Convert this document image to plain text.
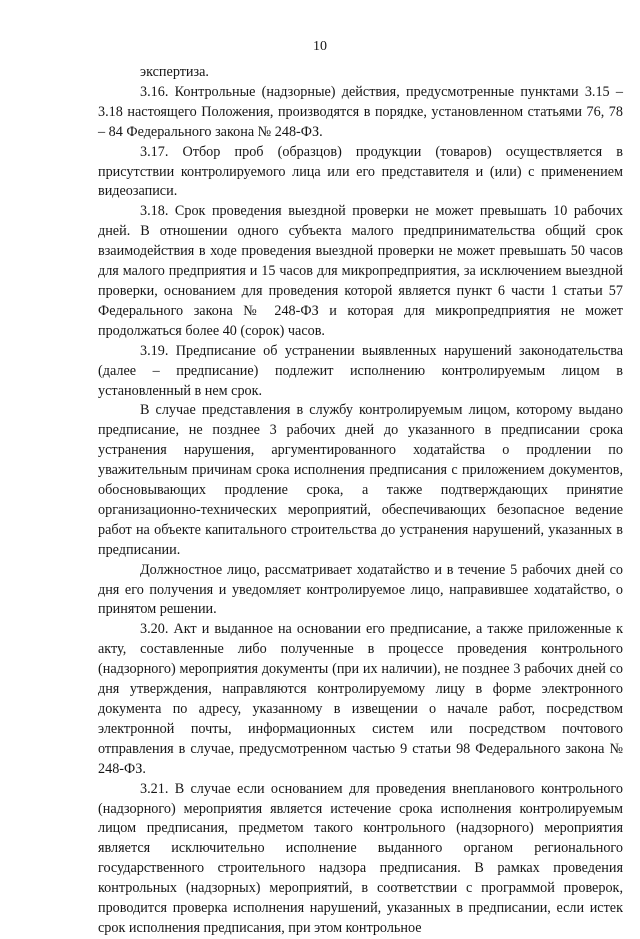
10

экспертиза.

3.16. Контрольные (надзорные) действия, предусмотренные пунктами 3.15 – 3.18 настоящего Положения, производятся в порядке, установленном статьями 76, 78 – 84 Федерального закона № 248-ФЗ.

3.17. Отбор проб (образцов) продукции (товаров) осуществляется в присутствии контролируемого лица или его представителя и (или) с применением видеозаписи.

3.18. Срок проведения выездной проверки не может превышать 10 рабочих дней. В отношении одного субъекта малого предпринимательства общий срок взаимодействия в ходе проведения выездной проверки не может превышать 50 часов для малого предприятия и 15 часов для микропредприятия, за исключением выездной проверки, основанием для проведения которой является пункт 6 части 1 статьи 57 Федерального закона № 248-ФЗ и которая для микропредприятия не может продолжаться более 40 (сорок) часов.

3.19. Предписание об устранении выявленных нарушений законодательства (далее – предписание) подлежит исполнению контролируемым лицом в установленный в нем срок.

В случае представления в службу контролируемым лицом, которому выдано предписание, не позднее 3 рабочих дней до указанного в предписании срока устранения нарушения, аргументированного ходатайства о продлении по уважительным причинам срока исполнения предписания с приложением документов, обосновывающих продление срока, а также подтверждающих принятие организационно-технических мероприятий, обеспечивающих безопасное ведение работ на объекте капитального строительства до устранения нарушений, указанных в предписании.

Должностное лицо, рассматривает ходатайство и в течение 5 рабочих дней со дня его получения и уведомляет контролируемое лицо, направившее ходатайство, о принятом решении.

3.20. Акт и выданное на основании его предписание, а также приложенные к акту, составленные либо полученные в процессе проведения контрольного (надзорного) мероприятия документы (при их наличии), не позднее 3 рабочих дней со дня утверждения, направляются контролируемому лицу в форме электронного документа по адресу, указанному в извещении о начале работ, посредством электронной почты, информационных систем или посредством почтового отправления в случае, предусмотренном частью 9 статьи 98 Федерального закона № 248-ФЗ.

3.21. В случае если основанием для проведения внепланового контрольного (надзорного) мероприятия является истечение срока исполнения контролируемым лицом предписания, предметом такого контрольного (надзорного) мероприятия является исключительно исполнение выданного органом регионального государственного строительного надзора предписания. В рамках проведения контрольных (надзорных) мероприятий, в соответствии с программой проверок, проводится проверка исполнения нарушений, указанных в предписании, если истек срок исполнения предписания, при этом контрольное
